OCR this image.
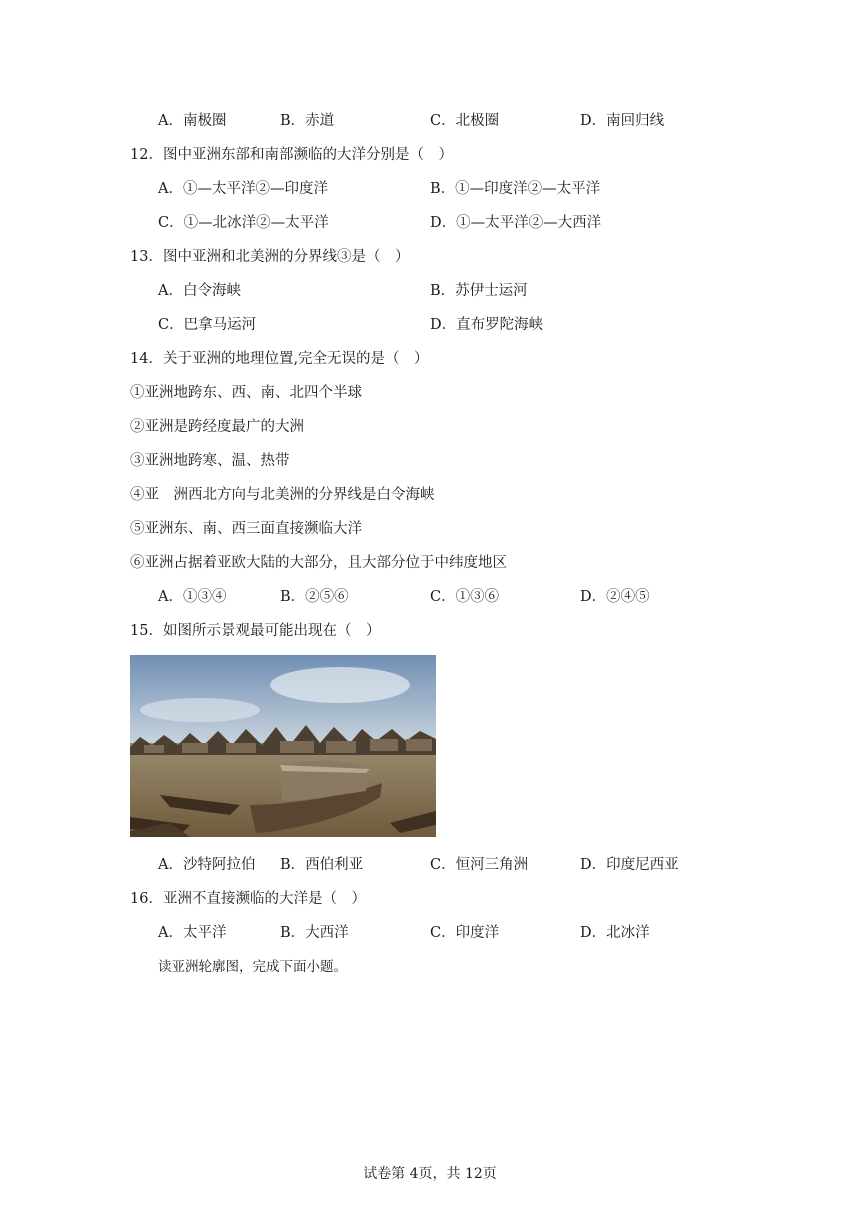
A．南极圈	B．赤道	C．北极圈	D．南回归线
12．图中亚洲东部和南部濒临的大洋分别是（　）
A．①—太平洋②—印度洋	B．①—印度洋②—太平洋
C．①—北冰洋②—太平洋	D．①—太平洋②—大西洋
13．图中亚洲和北美洲的分界线③是（　）
A．白令海峡	B．苏伊士运河
C．巴拿马运河	D．直布罗陀海峡
14．关于亚洲的地理位置,完全无误的是（　）
①亚洲地跨东、西、南、北四个半球
②亚洲是跨经度最广的大洲
③亚洲地跨寒、温、热带
④亚　洲西北方向与北美洲的分界线是白令海峡
⑤亚洲东、南、西三面直接濒临大洋
⑥亚洲占据着亚欧大陆的大部分，且大部分位于中纬度地区
A．①③④	B．②⑤⑥	C．①③⑥	D．②④⑤
15．如图所示景观最可能出现在（　）
A．沙特阿拉伯 B．西伯利亚	C．恒河三角洲	D．印度尼西亚
16．亚洲不直接濒临的大洋是（　）
A．太平洋	B．大西洋	C．印度洋	D．北冰洋
读亚洲轮廓图，完成下面小题。
试卷第 4页，共 12页
